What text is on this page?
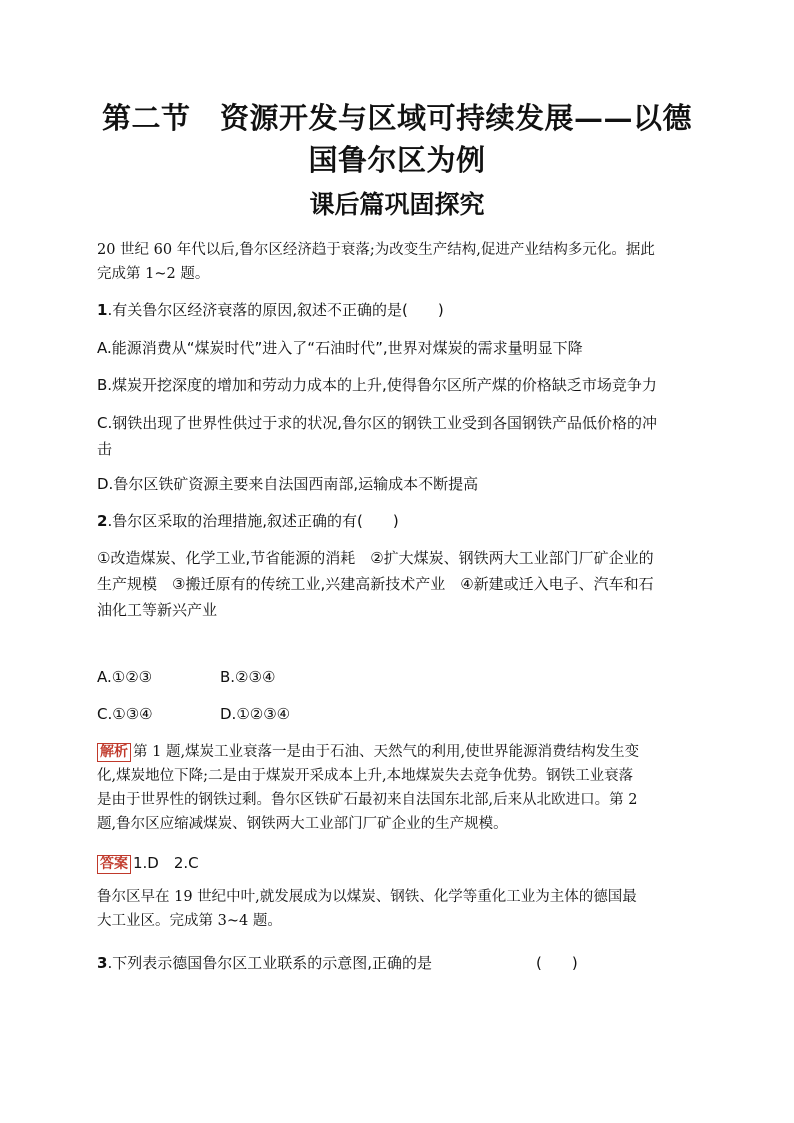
第二节　资源开发与区域可持续发展——以德
国鲁尔区为例
课后篇巩固探究
20 世纪 60 年代以后,鲁尔区经济趋于衰落;为改变生产结构,促进产业结构多元化。据此
完成第 1~2 题。
1.有关鲁尔区经济衰落的原因,叙述不正确的是(　　)
A.能源消费从“煤炭时代”进入了“石油时代”,世界对煤炭的需求量明显下降
B.煤炭开挖深度的增加和劳动力成本的上升,使得鲁尔区所产煤的价格缺乏市场竞争力
C.钢铁出现了世界性供过于求的状况,鲁尔区的钢铁工业受到各国钢铁产品低价格的冲
击
D.鲁尔区铁矿资源主要来自法国西南部,运输成本不断提高
2.鲁尔区采取的治理措施,叙述正确的有(　　)
①改造煤炭、化学工业,节省能源的消耗　②扩大煤炭、钢铁两大工业部门厂矿企业的
生产规模　③搬迁原有的传统工业,兴建高新技术产业　④新建或迁入电子、汽车和石
油化工等新兴产业
A.①②③	B.②③④
C.①③④	D.①②③④
解析 第 1 题,煤炭工业衰落一是由于石油、天然气的利用,使世界能源消费结构发生变
化,煤炭地位下降;二是由于煤炭开采成本上升,本地煤炭失去竞争优势。钢铁工业衰落
是由于世界性的钢铁过剩。鲁尔区铁矿石最初来自法国东北部,后来从北欧进口。第 2
题,鲁尔区应缩减煤炭、钢铁两大工业部门厂矿企业的生产规模。
答案 1.D　2.C
鲁尔区早在 19 世纪中叶,就发展成为以煤炭、钢铁、化学等重化工业为主体的德国最
大工业区。完成第 3~4 题。
3.下列表示德国鲁尔区工业联系的示意图,正确的是	(　　)
